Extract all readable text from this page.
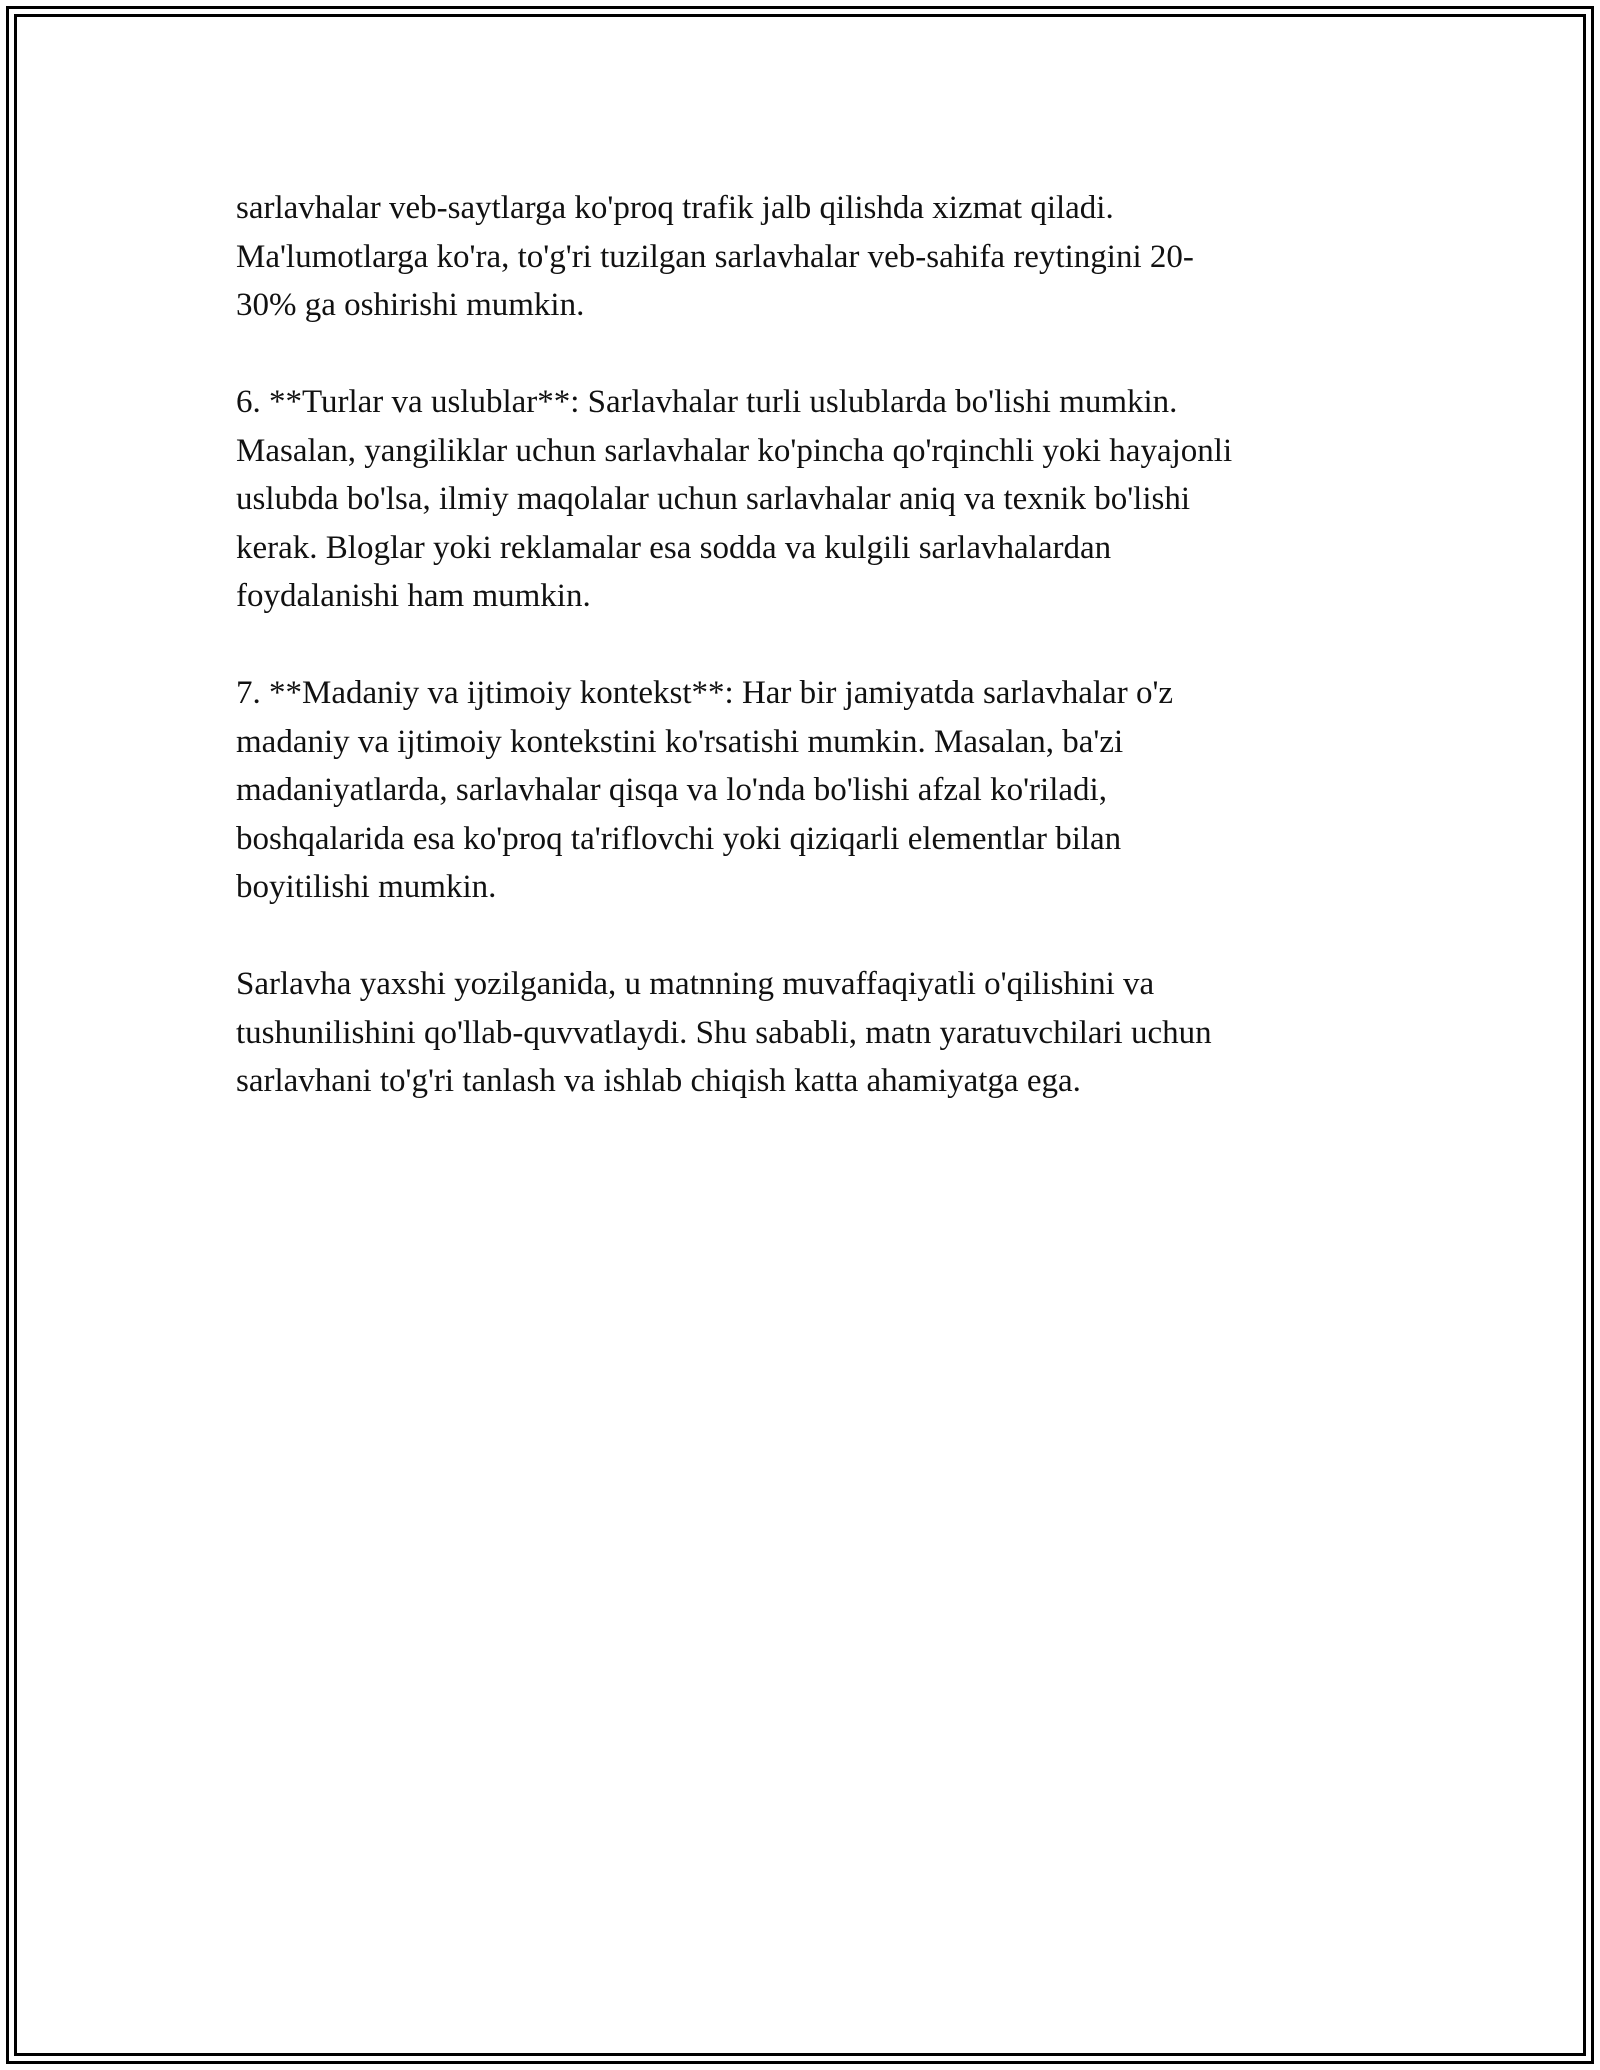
sarlavhalar veb-saytlarga ko'proq trafik jalb qilishda xizmat qiladi.
Ma'lumotlarga ko'ra, to'g'ri tuzilgan sarlavhalar veb-sahifa reytingini 20-
30% ga oshirishi mumkin.

6. **Turlar va uslublar**: Sarlavhalar turli uslublarda bo'lishi mumkin.
Masalan, yangiliklar uchun sarlavhalar ko'pincha qo'rqinchli yoki hayajonli
uslubda bo'lsa, ilmiy maqolalar uchun sarlavhalar aniq va texnik bo'lishi
kerak. Bloglar yoki reklamalar esa sodda va kulgili sarlavhalardan
foydalanishi ham mumkin.

7. **Madaniy va ijtimoiy kontekst**: Har bir jamiyatda sarlavhalar o'z
madaniy va ijtimoiy kontekstini ko'rsatishi mumkin. Masalan, ba'zi
madaniyatlarda, sarlavhalar qisqa va lo'nda bo'lishi afzal ko'riladi,
boshqalarida esa ko'proq ta'riflovchi yoki qiziqarli elementlar bilan
boyitilishi mumkin.

Sarlavha yaxshi yozilganida, u matnning muvaffaqiyatli o'qilishini va
tushunilishini qo'llab-quvvatlaydi. Shu sababli, matn yaratuvchilari uchun
sarlavhani to'g'ri tanlash va ishlab chiqish katta ahamiyatga ega.
